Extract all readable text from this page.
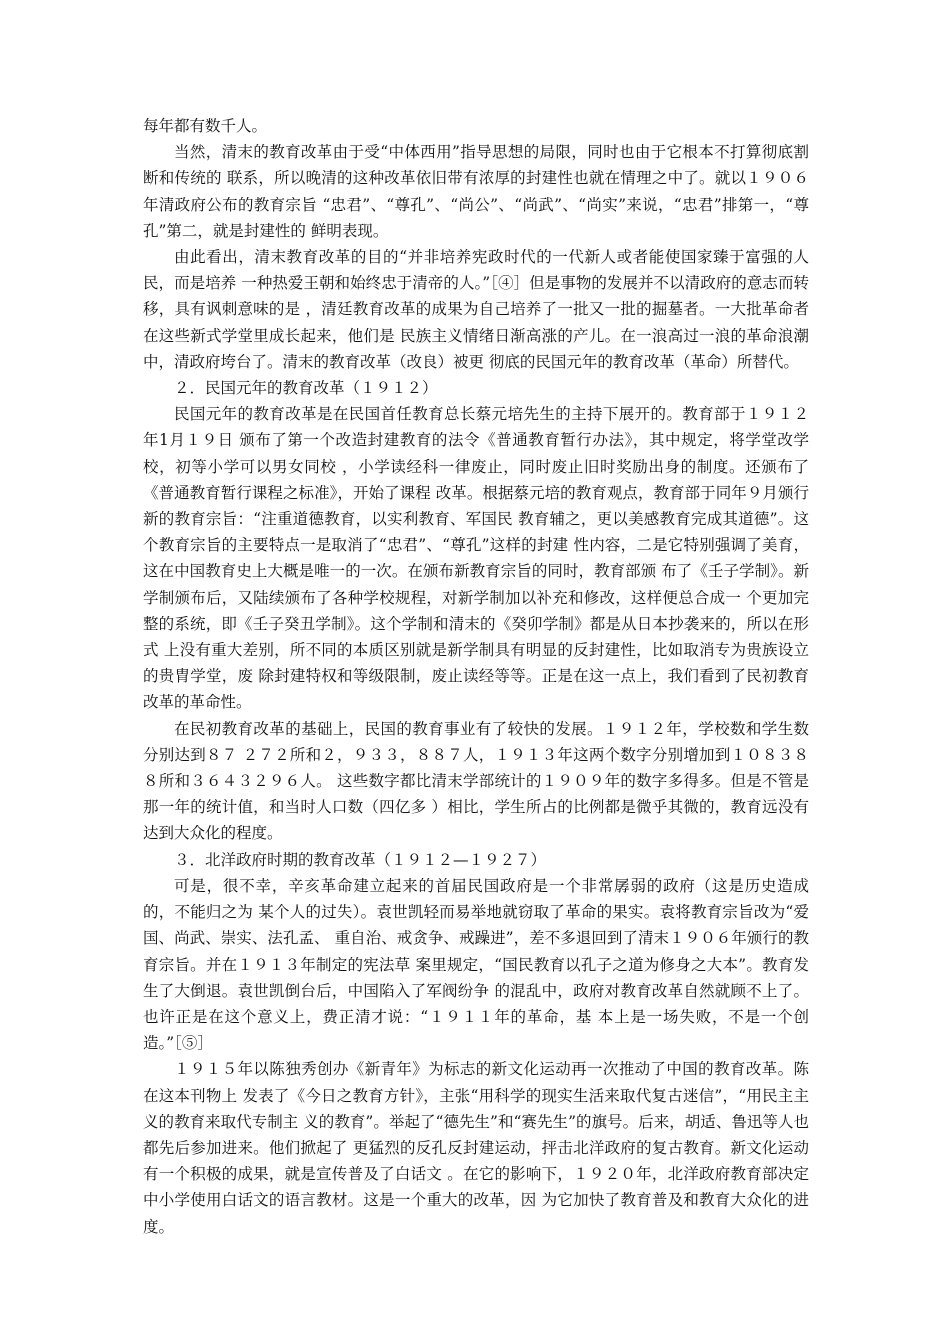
每年都有数千人。

当然，清末的教育改革由于受“中体西用”指导思想的局限，同时也由于它根本不打算彻底割断和传统的 联系，所以晚清的这种改革依旧带有浓厚的封建性也就在情理之中了。就以１９０６年清政府公布的教育宗旨 “忠君”、“尊孔”、“尚公”、“尚武”、“尚实”来说，“忠君”排第一，“尊孔”第二，就是封建性的 鲜明表现。

由此看出，清末教育改革的目的“并非培养宪政时代的一代新人或者能使国家臻于富强的人民，而是培养 一种热爱王朝和始终忠于清帝的人。”［④］但是事物的发展并不以清政府的意志而转移，具有讽刺意味的是 ，清廷教育改革的成果为自己培养了一批又一批的掘墓者。一大批革命者在这些新式学堂里成长起来，他们是 民族主义情绪日渐高涨的产儿。在一浪高过一浪的革命浪潮中，清政府垮台了。清末的教育改革（改良）被更 彻底的民国元年的教育改革（革命）所替代。

２．民国元年的教育改革（１９１２）

民国元年的教育改革是在民国首任教育总长蔡元培先生的主持下展开的。教育部于１９１２年1月１９日 颁布了第一个改造封建教育的法令《普通教育暂行办法》，其中规定，将学堂改学校，初等小学可以男女同校 ，小学读经科一律废止，同时废止旧时奖励出身的制度。还颁布了《普通教育暂行课程之标准》，开始了课程 改革。根据蔡元培的教育观点，教育部于同年９月颁行新的教育宗旨：“注重道德教育，以实利教育、军国民 教育辅之，更以美感教育完成其道德”。这个教育宗旨的主要特点一是取消了“忠君”、“尊孔”这样的封建 性内容，二是它特别强调了美育，这在中国教育史上大概是唯一的一次。在颁布新教育宗旨的同时，教育部颁 布了《壬子学制》。新学制颁布后，又陆续颁布了各种学校规程，对新学制加以补充和修改，这样便总合成一 个更加完整的系统，即《壬子癸丑学制》。这个学制和清末的《癸卯学制》都是从日本抄袭来的，所以在形式 上没有重大差别，所不同的本质区别就是新学制具有明显的反封建性，比如取消专为贵族设立的贵胄学堂，废 除封建特权和等级限制，废止读经等等。正是在这一点上，我们看到了民初教育改革的革命性。

在民初教育改革的基础上，民国的教育事业有了较快的发展。１９１２年，学校数和学生数分别达到８７ ２７２所和２，９３３，８８７人，１９１３年这两个数字分别增加到１０８３８８所和３６４３２９６人。 这些数字都比清末学部统计的１９０９年的数字多得多。但是不管是那一年的统计值，和当时人口数（四亿多 ）相比，学生所占的比例都是微乎其微的，教育远没有达到大众化的程度。

３．北洋政府时期的教育改革（１９１２—１９２７）

可是，很不幸，辛亥革命建立起来的首届民国政府是一个非常孱弱的政府（这是历史造成的，不能归之为 某个人的过失）。袁世凯轻而易举地就窃取了革命的果实。袁将教育宗旨改为“爱国、尚武、崇实、法孔孟、 重自治、戒贪争、戒躁进”，差不多退回到了清末１９０６年颁行的教育宗旨。并在１９１３年制定的宪法草 案里规定，“国民教育以孔子之道为修身之大本”。教育发生了大倒退。袁世凯倒台后，中国陷入了军阀纷争 的混乱中，政府对教育改革自然就顾不上了。也许正是在这个意义上，费正清才说：“１９１１年的革命，基 本上是一场失败，不是一个创造。”［⑤］

１９１５年以陈独秀创办《新青年》为标志的新文化运动再一次推动了中国的教育改革。陈在这本刊物上 发表了《今日之教育方针》，主张“用科学的现实生活来取代复古迷信”，“用民主主义的教育来取代专制主 义的教育”。举起了“德先生”和“赛先生”的旗号。后来，胡适、鲁迅等人也都先后参加进来。他们掀起了 更猛烈的反孔反封建运动，抨击北洋政府的复古教育。新文化运动有一个积极的成果，就是宣传普及了白话文 。在它的影响下，１９２０年，北洋政府教育部决定中小学使用白话文的语言教材。这是一个重大的改革，因 为它加快了教育普及和教育大众化的进度。
